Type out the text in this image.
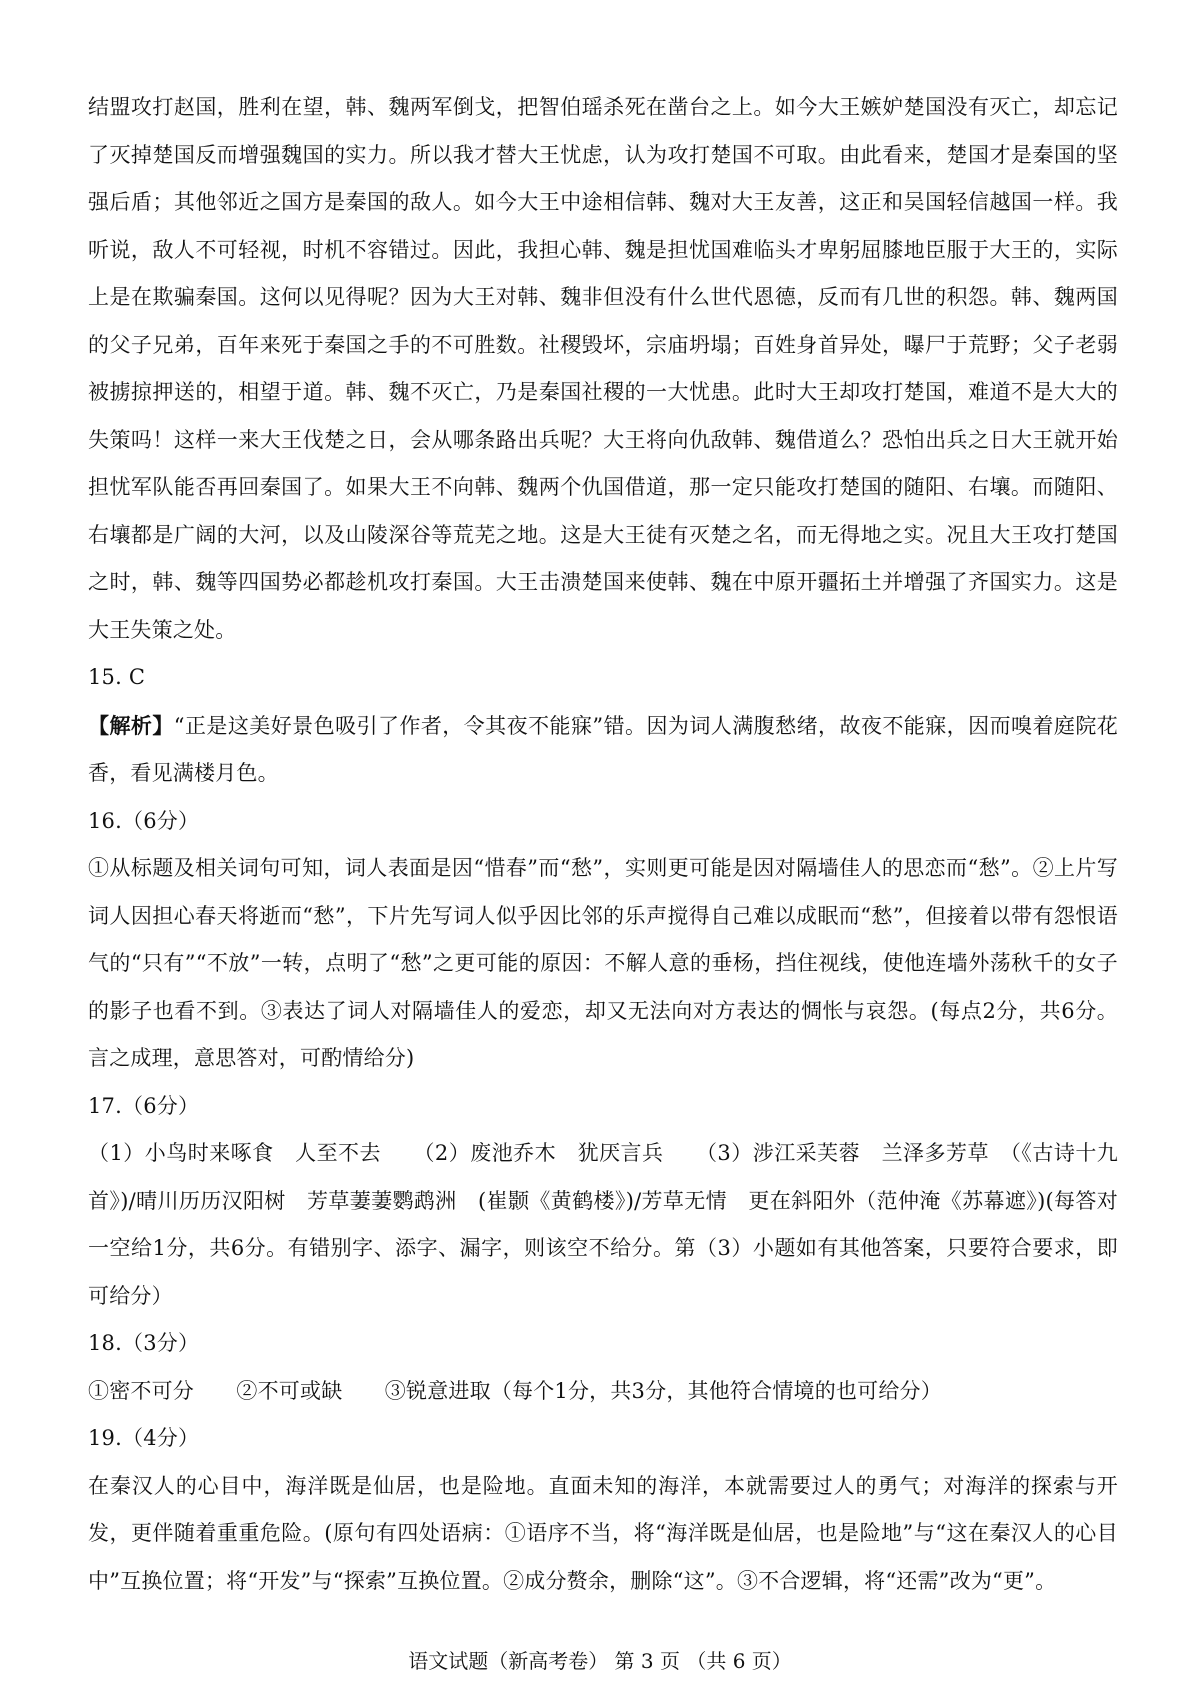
结盟攻打赵国，胜利在望，韩、魏两军倒戈，把智伯瑶杀死在凿台之上。如今大王嫉妒楚国没有灭亡，却忘记了灭掉楚国反而增强魏国的实力。所以我才替大王忧虑，认为攻打楚国不可取。由此看来，楚国才是秦国的坚强后盾；其他邻近之国方是秦国的敌人。如今大王中途相信韩、魏对大王友善，这正和吴国轻信越国一样。我听说，敌人不可轻视，时机不容错过。因此，我担心韩、魏是担忧国难临头才卑躬屈膝地臣服于大王的，实际上是在欺骗秦国。这何以见得呢？因为大王对韩、魏非但没有什么世代恩德，反而有几世的积怨。韩、魏两国的父子兄弟，百年来死于秦国之手的不可胜数。社稷毁坏，宗庙坍塌；百姓身首异处，曝尸于荒野；父子老弱被掳掠押送的，相望于道。韩、魏不灭亡，乃是秦国社稷的一大忧患。此时大王却攻打楚国，难道不是大大的失策吗！这样一来大王伐楚之日，会从哪条路出兵呢？大王将向仇敌韩、魏借道么？恐怕出兵之日大王就开始担忧军队能否再回秦国了。如果大王不向韩、魏两个仇国借道，那一定只能攻打楚国的随阳、右壤。而随阳、右壤都是广阔的大河，以及山陵深谷等荒芜之地。这是大王徒有灭楚之名，而无得地之实。况且大王攻打楚国之时，韩、魏等四国势必都趁机攻打秦国。大王击溃楚国来使韩、魏在中原开疆拓土并增强了齐国实力。这是大王失策之处。

15. C

【解析】“正是这美好景色吸引了作者，令其夜不能寐”错。因为词人满腹愁绪，故夜不能寐，因而嗅着庭院花香，看见满楼月色。

16.（6分）

①从标题及相关词句可知，词人表面是因“惜春”而“愁”，实则更可能是因对隔墙佳人的思恋而“愁”。②上片写词人因担心春天将逝而“愁”，下片先写词人似乎因比邻的乐声搅得自己难以成眠而“愁”，但接着以带有怨恨语气的“只有”“不放”一转，点明了“愁”之更可能的原因：不解人意的垂杨，挡住视线，使他连墙外荡秋千的女子的影子也看不到。③表达了词人对隔墙佳人的爱恋，却又无法向对方表达的惆怅与哀怨。(每点2分，共6分。言之成理，意思答对，可酌情给分)

17.（6分）

（1）小鸟时来啄食　人至不去　　（2）废池乔木　犹厌言兵　　（3）涉江采芙蓉　兰泽多芳草　（《古诗十九首》)/晴川历历汉阳树　芳草萋萋鹦鹉洲　(崔颢《黄鹤楼》)/芳草无情　更在斜阳外（范仲淹《苏幕遮》)(每答对一空给1分，共6分。有错别字、添字、漏字，则该空不给分。第（3）小题如有其他答案，只要符合要求，即可给分）

18.（3分）

①密不可分　　②不可或缺　　③锐意进取（每个1分，共3分，其他符合情境的也可给分）

19.（4分）

在秦汉人的心目中，海洋既是仙居，也是险地。直面未知的海洋，本就需要过人的勇气；对海洋的探索与开发，更伴随着重重危险。(原句有四处语病：①语序不当，将“海洋既是仙居，也是险地”与“这在秦汉人的心目中”互换位置；将“开发”与“探索”互换位置。②成分赘余，删除“这”。③不合逻辑，将“还需”改为“更”。

语文试题（新高考卷） 第 3 页 （共 6 页）
